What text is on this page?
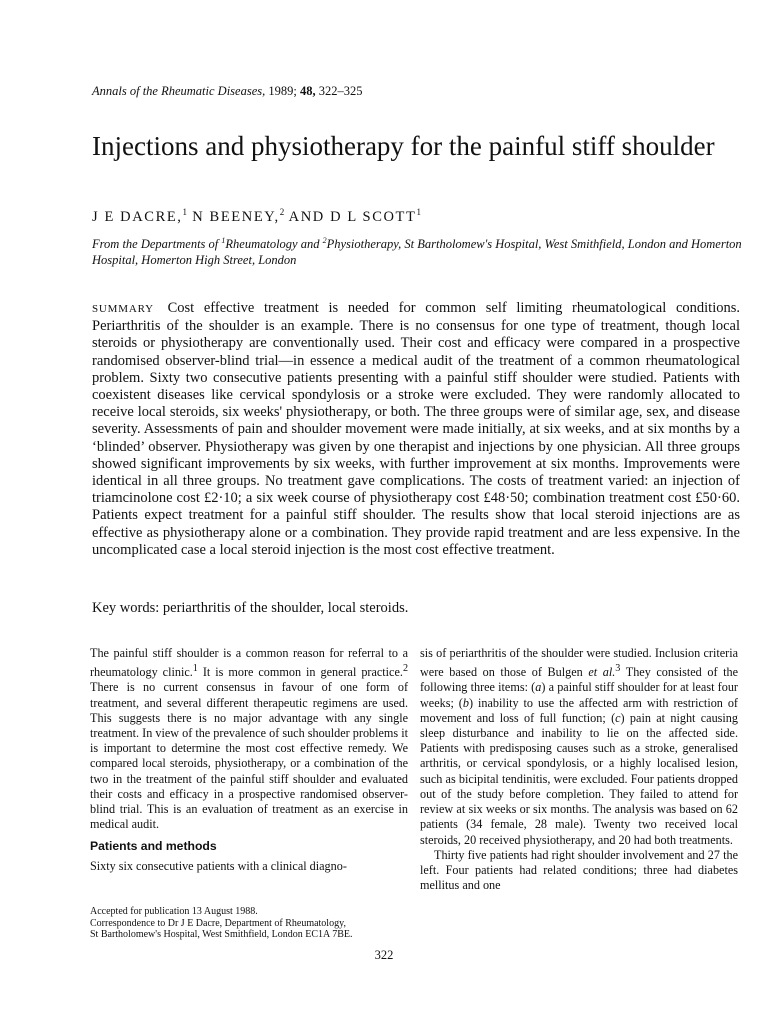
Annals of the Rheumatic Diseases, 1989; 48, 322–325
Injections and physiotherapy for the painful stiff shoulder
J E DACRE,$^1$ N BEENEY,$^2$ AND D L SCOTT$^1$
From the Departments of $^1$Rheumatology and $^2$Physiotherapy, St Bartholomew's Hospital, West Smithfield, London and Homerton Hospital, Homerton High Street, London

SUMMARY Cost effective treatment is needed for common self limiting rheumatological conditions. Periarthritis of the shoulder is an example. There is no consensus for one type of treatment, though local steroids or physiotherapy are conventionally used. Their cost and efficacy were compared in a prospective randomised observer-blind trial—in essence a medical audit of the treatment of a common rheumatological problem. Sixty two consecutive patients presenting with a painful stiff shoulder were studied. Patients with coexistent diseases like cervical spondylosis or a stroke were excluded. They were randomly allocated to receive local steroids, six weeks' physiotherapy, or both. The three groups were of similar age, sex, and disease severity. Assessments of pain and shoulder movement were made initially, at six weeks, and at six months by a ‘blinded’ observer. Physiotherapy was given by one therapist and injections by one physician. All three groups showed significant improvements by six weeks, with further improvement at six months. Improvements were identical in all three groups. No treatment gave complications. The costs of treatment varied: an injection of triamcinolone cost £2·10; a six week course of physiotherapy cost £48·50; combination treatment cost £50·60. Patients expect treatment for a painful stiff shoulder. The results show that local steroid injections are as effective as physiotherapy alone or a combination. They provide rapid treatment and are less expensive. In the uncomplicated case a local steroid injection is the most cost effective treatment.

Key words: periarthritis of the shoulder, local steroids.

The painful stiff shoulder is a common reason for referral to a rheumatology clinic.$^1$ It is more common in general practice.$^2$ There is no current consensus in favour of one form of treatment, and several different therapeutic regimens are used. This suggests there is no major advantage with any single treatment. In view of the prevalence of such shoulder problems it is important to determine the most cost effective remedy. We compared local steroids, physiotherapy, or a combination of the two in the treatment of the painful stiff shoulder and evaluated their costs and efficacy in a prospective randomised observer-blind trial. This is an evaluation of treatment as an exercise in medical audit.

Patients and methods

Sixty six consecutive patients with a clinical diagno-

Accepted for publication 13 August 1988.
Correspondence to Dr J E Dacre, Department of Rheumatology,
St Bartholomew's Hospital, West Smithfield, London EC1A 7BE.

sis of periarthritis of the shoulder were studied. Inclusion criteria were based on those of Bulgen et al.$^3$ They consisted of the following three items: (a) a painful stiff shoulder for at least four weeks; (b) inability to use the affected arm with restriction of movement and loss of full function; (c) pain at night causing sleep disturbance and inability to lie on the affected side. Patients with predisposing causes such as a stroke, generalised arthritis, or cervical spondylosis, or a highly localised lesion, such as bicipital tendinitis, were excluded. Four patients dropped out of the study before completion. They failed to attend for review at six weeks or six months. The analysis was based on 62 patients (34 female, 28 male). Twenty two received local steroids, 20 received physiotherapy, and 20 had both treatments.

Thirty five patients had right shoulder involvement and 27 the left. Four patients had related conditions; three had diabetes mellitus and one

322
